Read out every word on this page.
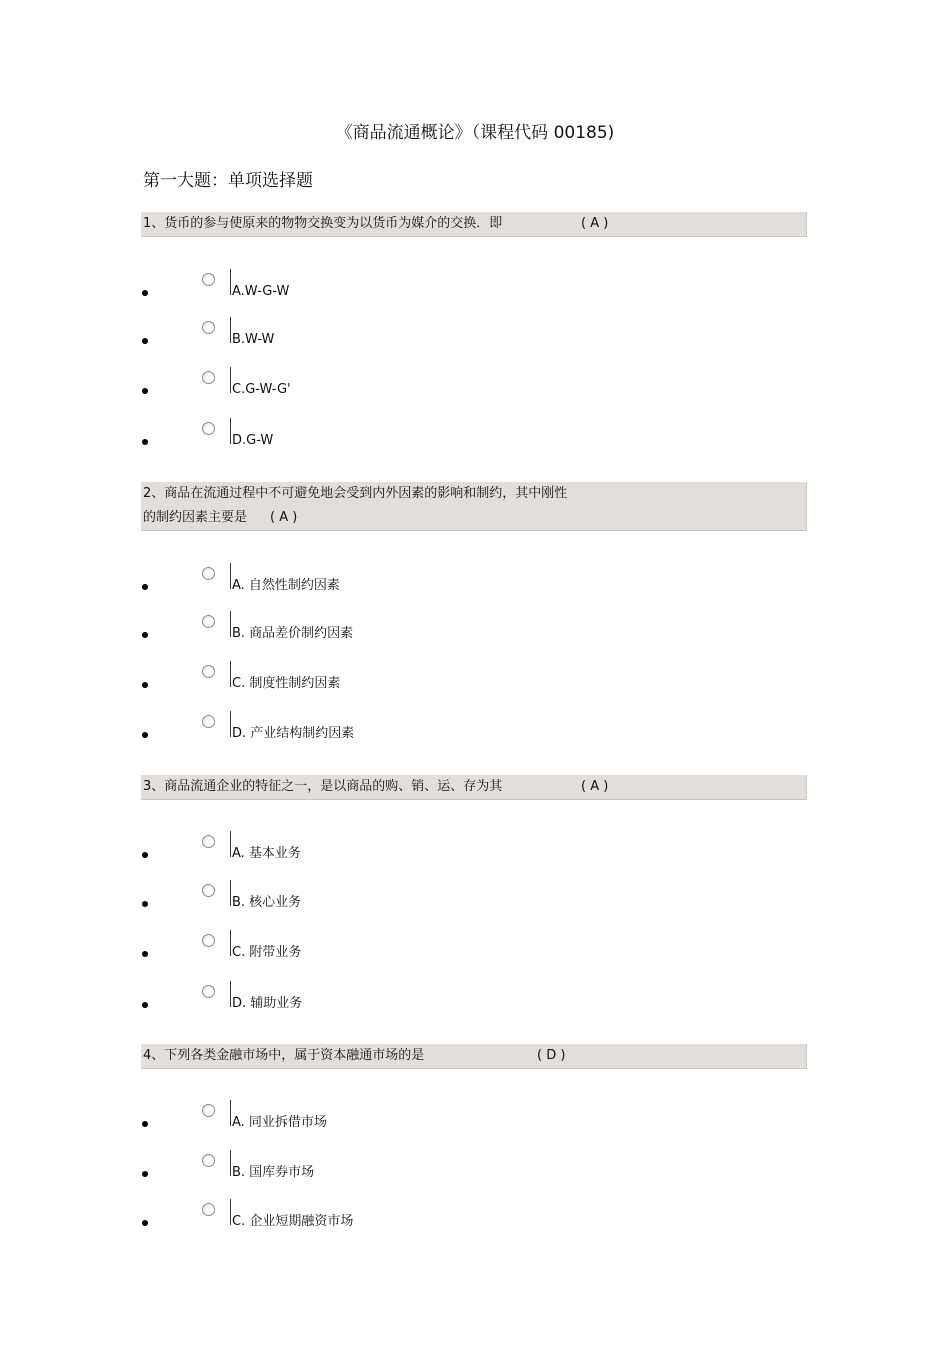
《商品流通概论》（课程代码 00185)
第一大题：单项选择题
1、货币的参与使原来的物物交换变为以货币为媒介的交换．即	( A )
A.W-G-W
B.W-W
C.G-W-G'
D.G-W
2、商品在流通过程中不可避免地会受到内外因素的影响和制约，其中刚性
的制约因素主要是 ( A )
A. 自然性制约因素
B. 商品差价制约因素
C. 制度性制约因素
D. 产业结构制约因素
3、商品流通企业的特征之一，是以商品的购、销、运、存为其	( A )
A. 基本业务
B. 核心业务
C. 附带业务
D. 辅助业务
4、下列各类金融市场中，属于资本融通市场的是	( D )
A. 同业拆借市场
B. 国库券市场
C. 企业短期融资市场
